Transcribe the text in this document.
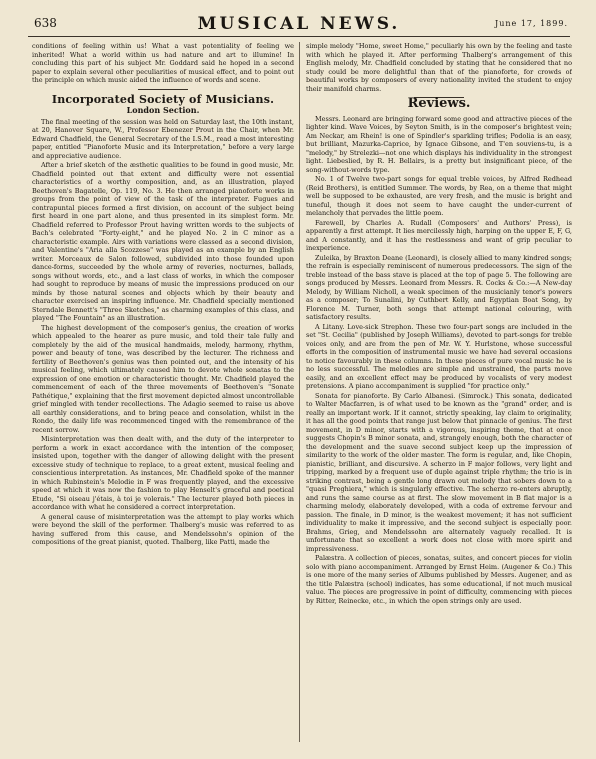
638	MUSICAL NEWS.	June 17, 1899.

conditions of feeling within us! What a vast potentiality of feeling we inherited! What a world within us had nature and art to illumine! In concluding this part of his subject Mr. Goddard said he hoped in a second paper to explain several other peculiarities of musical effect, and to point out the principle on which music aided the influence of words and scene.

Incorporated Society of Musicians.

London Section.

The final meeting of the session was held on Saturday last, the 10th instant, at 20, Hanover Square, W., Professor Ebenezer Prout in the Chair, when Mr. Edward Chadfield, the General Secretary of the I.S.M., read a most interesting paper, entitled "Pianoforte Music and its Interpretation," before a very large and appreciative audience.

After a brief sketch of the æsthetic qualities to be found in good music, Mr. Chadfield pointed out that extent and difficulty were not essential characteristics of a worthy composition, and, as an illustration, played Beethoven's Bagatelle, Op. 119, No. 3. He then arranged pianoforte works in groups from the point of view of the task of the interpreter. Fugues and contrapuntal pieces formed a first division, on account of the subject being first heard in one part alone, and thus presented in its simplest form. Mr. Chadfield referred to Professor Prout having written words to the subjects of Bach's celebrated "Forty-eight," and he played No. 2 in C minor as a characteristic example. Airs with variations were classed as a second division, and Valentine's "Aria alla Scozzese" was played as an example by an English writer. Morceaux de Salon followed, subdivided into those founded upon dance-forms, succeeded by the whole army of reveries, nocturnes, ballads, songs without words, etc., and a last class of works, in which the composer had sought to reproduce by means of music the impressions produced on our minds by those natural scenes and objects which by their beauty and character exercised an inspiring influence. Mr. Chadfield specially mentioned Sterndale Bennett's "Three Sketches," as charming examples of this class, and played "The Fountain" as an illustration.

The highest development of the composer's genius, the creation of works which appealed to the hearer as pure music, and told their tale fully and completely by the aid of the musical handmaids, melody, harmony, rhythm, power and beauty of tone, was described by the lecturer. The richness and fertility of Beethoven's genius was then pointed out, and the intensity of his musical feeling, which ultimately caused him to devote whole sonatas to the expression of one emotion or characteristic thought. Mr. Chadfield played the commencement of each of the three movements of Beethoven's "Sonate Pathétique," explaining that the first movement depicted almost uncontrollable grief mingled with tender recollections. The Adagio seemed to raise us above all earthly considerations, and to bring peace and consolation, whilst in the Rondo, the daily life was recommenced tinged with the remembrance of the recent sorrow.

Misinterpretation was then dealt with, and the duty of the interpreter to perform a work in exact accordance with the intention of the composer, insisted upon, together with the danger of allowing delight with the present excessive study of technique to replace, to a great extent, musical feeling and conscientious interpretation. As instances, Mr. Chadfield spoke of the manner in which Rubinstein's Melodie in F was frequently played, and the excessive speed at which it was now the fashion to play Henselt's graceful and poetical Etude, "Si oiseau j'étais, à toi je volerais." The lecturer played both pieces in accordance with what he considered a correct interpretation.

A general cause of misinterpretation was the attempt to play works which were beyond the skill of the performer. Thalberg's music was referred to as having suffered from this cause, and Mendelssohn's opinion of the compositions of the great pianist, quoted. Thalberg, like Patti, made the

simple melody "Home, sweet Home," peculiarly his own by the feeling and taste with which he played it. After performing Thalberg's arrangement of this English melody, Mr. Chadfield concluded by stating that he considered that no study could be more delightful than that of the pianoforte, for crowds of beautiful works by composers of every nationality invited the student to enjoy their manifold charms.

Reviews.

Messrs. Leonard are bringing forward some good and attractive pieces of the lighter kind. Wave Voices, by Seyton Smith, is in the composer's brightest vein; Am Neckar, am Rhein! is one of Spindler's sparkling trifles; Podolia is an easy, but brilliant, Mazurka-Caprice, by Ignace Gibsone, and T'en souviens-tu, is a "melody," by Strelezki—not one which displays his individuality in the strongest light. Liebeslied, by R. H. Bellairs, is a pretty but insignificant piece, of the song-without-words type.

No. 1 of Twelve two-part songs for equal treble voices, by Alfred Redhead (Reid Brothers), is entitled Summer. The words, by Rea, on a theme that might well be supposed to be exhausted, are very fresh, and the music is bright and tuneful, though it does not seem to have caught the under-current of melancholy that pervades the little poem.

Farewell, by Charles A. Rudall (Composers' and Authors' Press), is apparently a first attempt. It lies mercilessly high, harping on the upper E, F, G, and A constantly, and it has the restlessness and want of grip peculiar to inexperience.

Zuleika, by Braxton Deane (Leonard), is closely allied to many kindred songs; the refrain is especially reminiscent of numerous predecessors. The sign of the treble instead of the bass stave is placed at the top of page 5. The following are songs produced by Messrs. Leonard from Messrs. R. Cocks & Co.:—A New-day Melody, by William Nicholl, a weak specimen of the musicianly tenor's powers as a composer; To Sunalini, by Cuthbert Kelly, and Egyptian Boat Song, by Florence M. Turner, both songs that attempt national colouring, with satisfactory results.

A Litany. Love-sick Strephon. These two four-part songs are included in the set "St. Cecilia" (published by Joseph Williams), devoted to part-songs for treble voices only, and are from the pen of Mr. W. Y. Hurlstone, whose successful efforts in the composition of instrumental music we have had several occasions to notice favourably in these columns. In these pieces of pure vocal music he is no less successful. The melodies are simple and unstrained, the parts move easily, and an excellent effect may be produced by vocalists of very modest pretensions. A piano accompaniment is supplied "for practice only."

Sonata for pianoforte. By Carlo Albanesi. (Simrock.) This sonata, dedicated to Walter Macfarren, is of what used to be known as the "grand" order, and is really an important work. If it cannot, strictly speaking, lay claim to originality, it has all the good points that range just below that pinnacle of genius. The first movement, in D minor, starts with a vigorous, inspiring theme, that at once suggests Chopin's B minor sonata, and, strangely enough, both the character of the development and the suave second subject keep up the impression of similarity to the work of the older master. The form is regular, and, like Chopin, pianistic, brilliant, and discursive. A scherzo in F major follows, very light and tripping, marked by a frequent use of duple against triple rhythm; the trio is in striking contrast, being a gentle long drawn out melody that sobers down to a "quasi Preghiera," which is singularly effective. The scherzo re-enters abruptly, and runs the same course as at first. The slow movement in B flat major is a charming melody, elaborately developed, with a coda of extreme fervour and passion. The finale, in D minor, is the weakest movement; it has not sufficient individuality to make it impressive, and the second subject is especially poor. Brahms, Grieg, and Mendelssohn are alternately vaguely recalled. It is unfortunate that so excellent a work does not close with more spirit and impressiveness.

Palæstra. A collection of pieces, sonatas, suites, and concert pieces for violin solo with piano accompaniment. Arranged by Ernst Heim. (Augener & Co.) This is one more of the many series of Albums published by Messrs. Augener, and as the title Palæstra (school) indicates, has some educational, if not much musical value. The pieces are progressive in point of difficulty, commencing with pieces by Ritter, Reinecke, etc., in which the open strings only are used.
